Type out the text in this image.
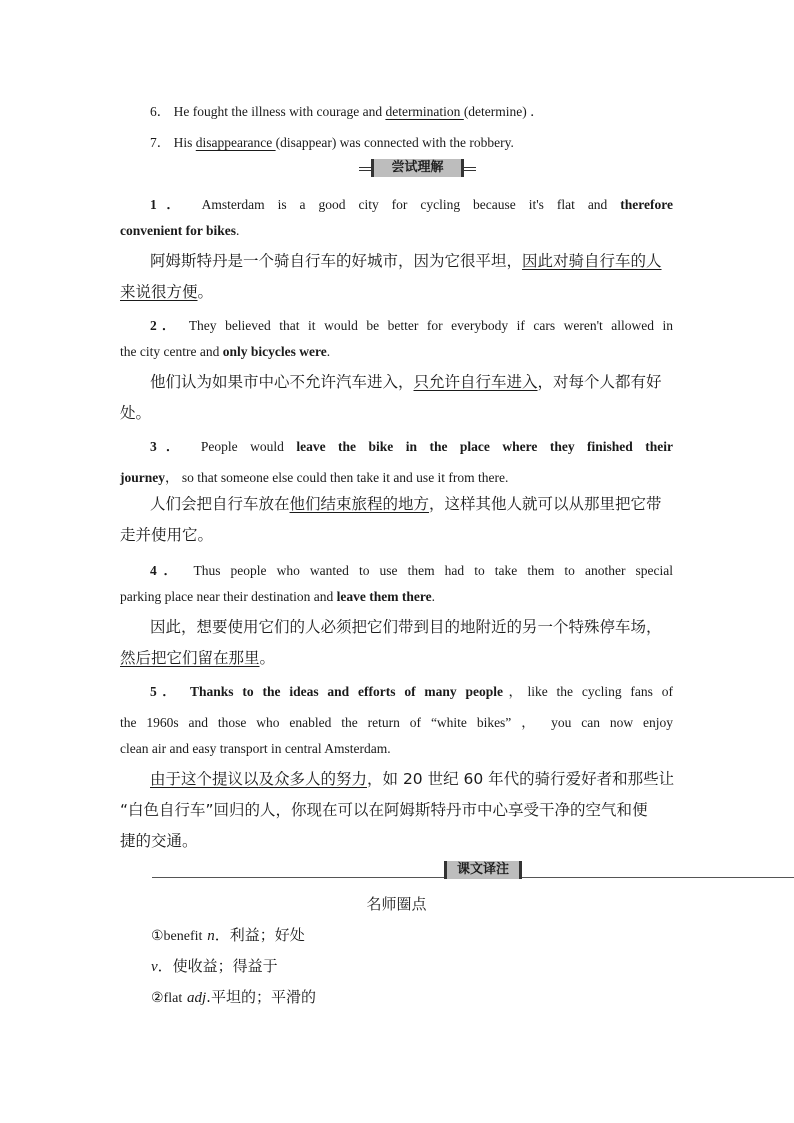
6． He fought the illness with courage and determination (determine) ．
7． His disappearance (disappear) was connected with the robbery.
尝试理解
1． Amsterdam is a good city for cycling because it's flat and therefore
convenient for bikes.
阿姆斯特丹是一个骑自行车的好城市，因为它很平坦，因此对骑自行车的人
来说很方便。
2． They believed that it would be better for everybody if cars weren't allowed in
the city centre and only bicycles were.
他们认为如果市中心不允许汽车进入，只允许自行车进入，对每个人都有好
处。
3． People would leave the bike in the place where they finished their
journey， so that someone else could then take it and use it from there.
人们会把自行车放在他们结束旅程的地方，这样其他人就可以从那里把它带
走并使用它。
4． Thus people who wanted to use them had to take them to another special
parking place near their destination and leave them there.
因此，想要使用它们的人必须把它们带到目的地附近的另一个特殊停车场，
然后把它们留在那里。
5． Thanks to the ideas and efforts of many people，like the cycling fans of
the 1960s and those who enabled the return of “white bikes” ， you can now enjoy
clean air and easy transport in central Amsterdam.
由于这个提议以及众多人的努力，如 20 世纪 60 年代的骑行爱好者和那些让
“白色自行车”回归的人，你现在可以在阿姆斯特丹市中心享受干净的空气和便
捷的交通。
课文译注
名师圈点
①benefit n．利益；好处
v．使收益；得益于
②flat adj.平坦的；平滑的
